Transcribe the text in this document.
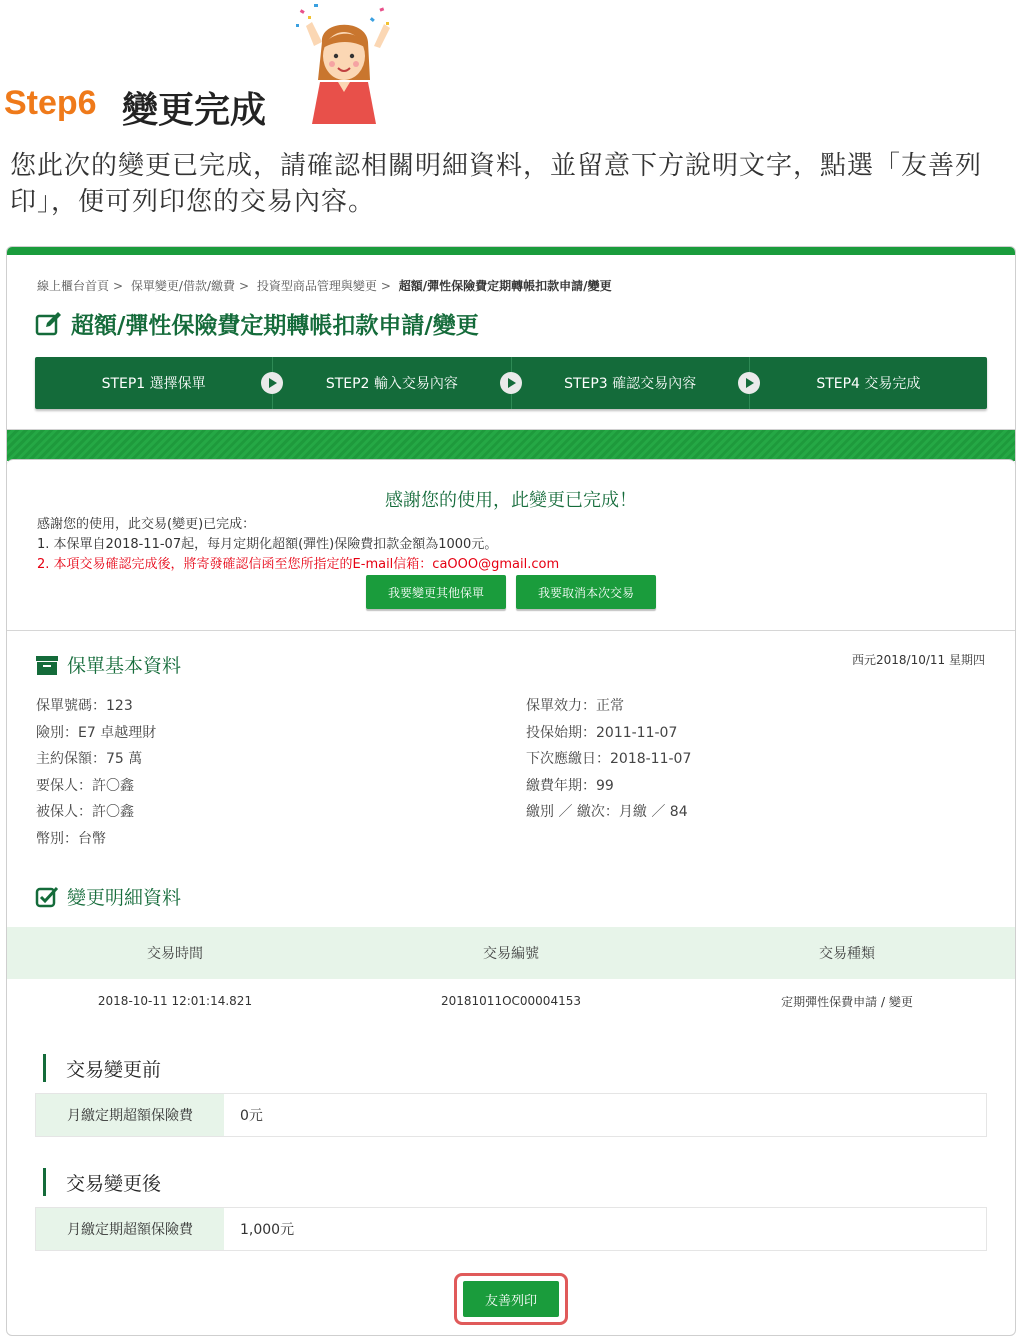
Step6 變更完成
您此次的變更已完成，請確認相關明細資料，並留意下方說明文字，點選「友善列印」，便可列印您的交易內容。
線上櫃台首頁 > 保單變更/借款/繳費 > 投資型商品管理與變更 > 超額/彈性保險費定期轉帳扣款申請/變更
超額/彈性保險費定期轉帳扣款申請/變更
STEP1 選擇保單	STEP2 輸入交易內容	STEP3 確認交易內容	STEP4 交易完成
感謝您的使用，此變更已完成！
感謝您的使用，此交易(變更)已完成：
1. 本保單自2018-11-07起，每月定期化超額(彈性)保險費扣款金額為1000元。
2. 本項交易確認完成後，將寄發確認信函至您所指定的E-mail信箱：caOOO@gmail.com
我要變更其他保單	我要取消本次交易
保單基本資料	西元2018/10/11 星期四
保單號碼：123
險別：E7 卓越理財
主約保額：75 萬
要保人：許〇鑫
被保人：許〇鑫
幣別：台幣
保單效力：正常
投保始期：2011-11-07
下次應繳日：2018-11-07
繳費年期：99
繳別 ／ 繳次：月繳 ／ 84
變更明細資料
交易時間	交易編號	交易種類
2018-10-11 12:01:14.821	20181011OC00004153	定期彈性保費申請 / 變更
交易變更前
月繳定期超額保險費	0元
交易變更後
月繳定期超額保險費	1,000元
友善列印
